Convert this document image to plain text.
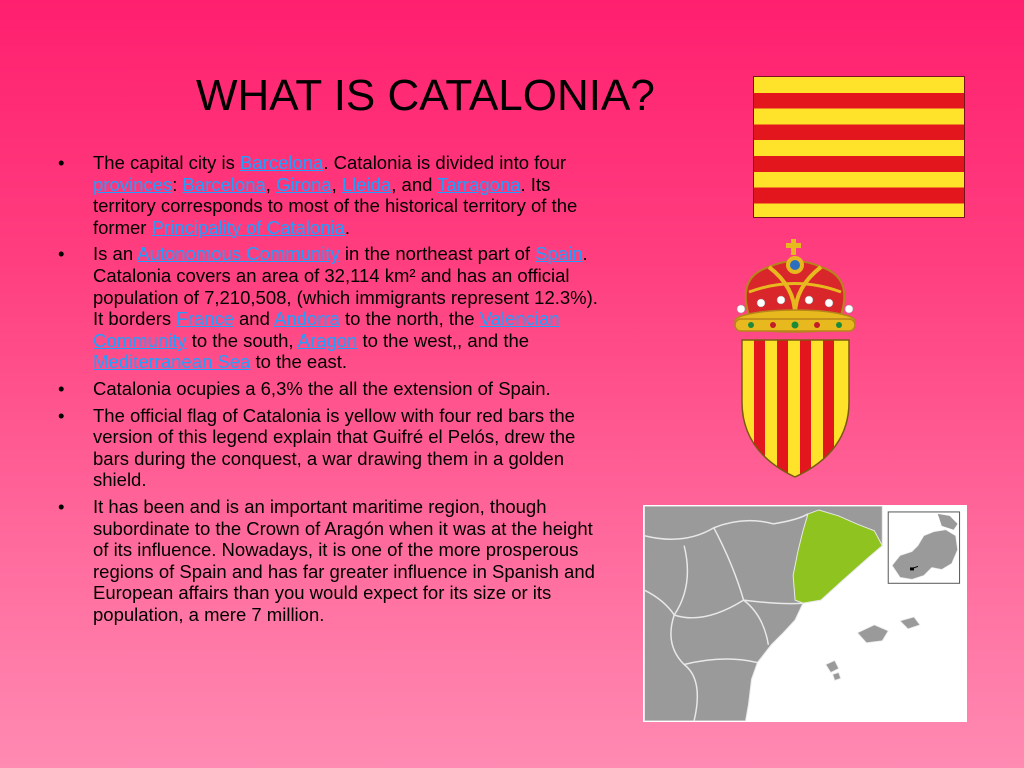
WHAT IS CATALONIA?
• The capital city is Barcelona. Catalonia is divided into four provinces: Barcelona, Girona, Lleida, and Tarragona. Its territory corresponds to most of the historical territory of the former Principality of Catalonia.
• Is an Autonomous Community in the northeast part of Spain. Catalonia covers an area of 32,114 km² and has an official population of 7,210,508, (which immigrants represent 12.3%). It borders France and Andorra to the north, the Valencian Community to the south, Aragon to the west,, and the Mediterranean Sea to the east.
• Catalonia ocupies a 6,3% the all the extension of Spain.
• The official flag of Catalonia is yellow with four red bars the version of this legend explain that Guifré el Pelós, drew the bars during the conquest, a war drawing them in a golden shield.
• It has been and is an important maritime region, though subordinate to the Crown of Aragón when it was at the height of its influence. Nowadays, it is one of the more prosperous regions of Spain and has far greater influence in Spanish and European affairs than you would expect for its size or its population, a mere 7 million.
